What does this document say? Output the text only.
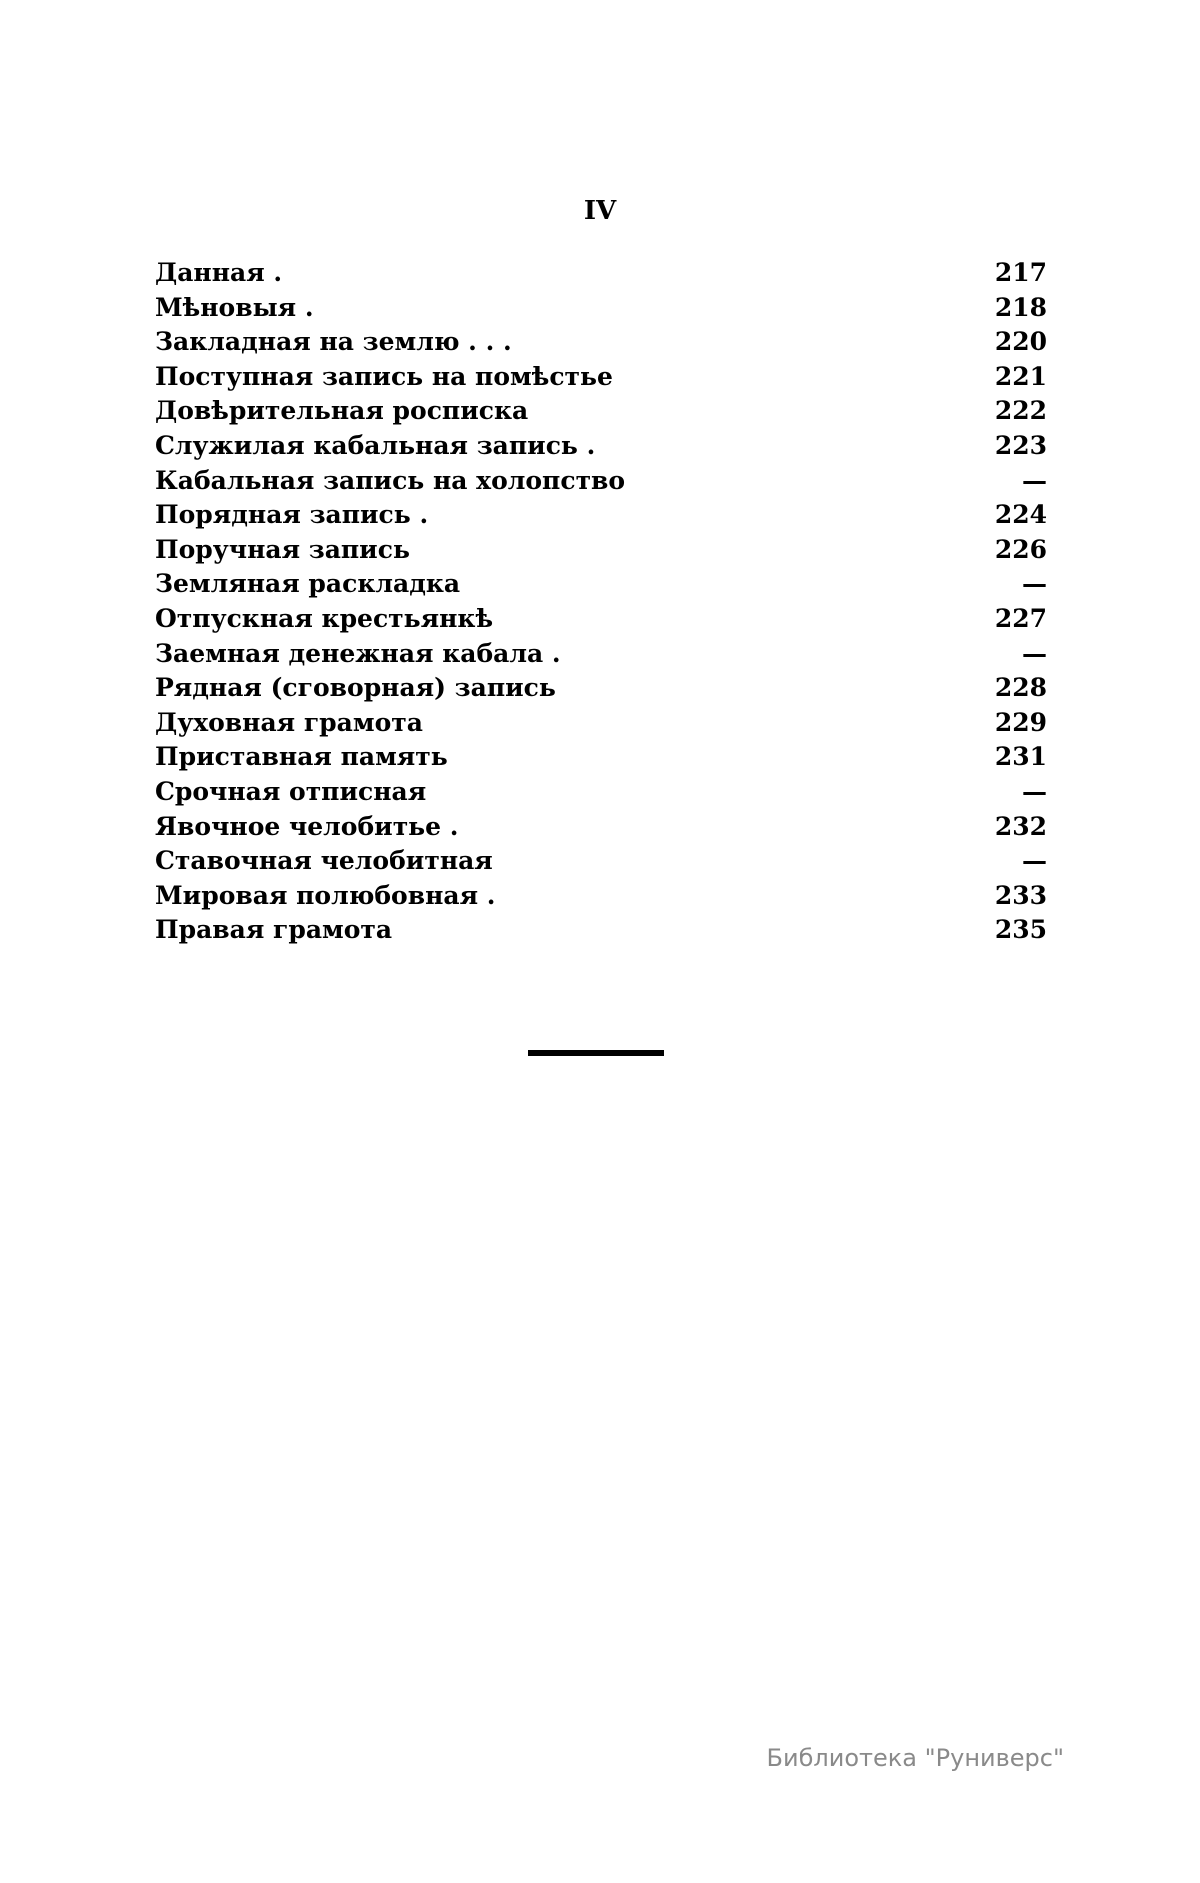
IV
Данная .	217
Мѣновыя .	218
Закладная на землю . . .	220
Поступная запись на помѣстье	221
Довѣрительная росписка	222
Служилая кабальная запись .	223
Кабальная запись на холопство	—
Порядная запись .	224
Поручная запись	226
Земляная раскладка	—
Отпускная крестьянкѣ	227
Заемная денежная кабала .	—
Рядная (сговорная) запись	228
Духовная грамота	229
Приставная память	231
Срочная отписная	—
Явочное челобитье .	232
Ставочная челобитная	—
Мировая полюбовная .	233
Правая грамота	235
Библиотека "Руниверс"
